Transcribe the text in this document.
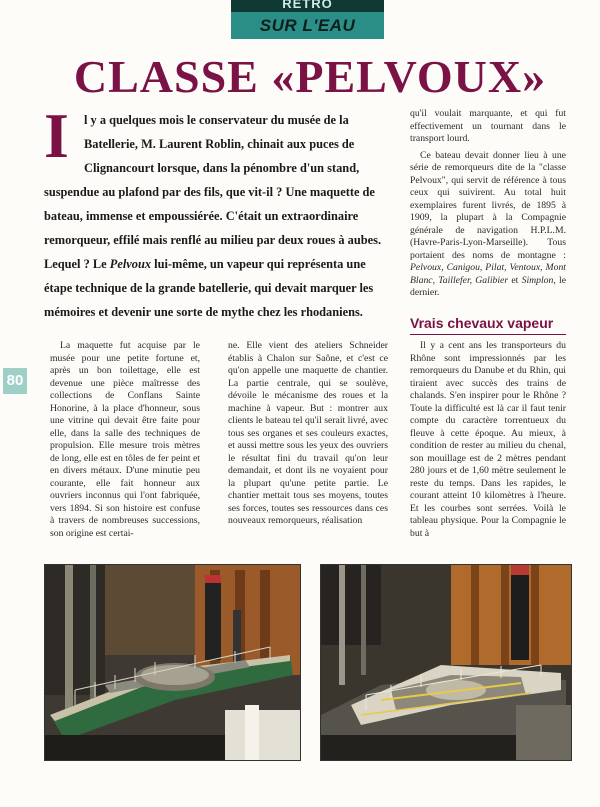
RETRO
SUR L'EAU
CLASSE «PELVOUX»
I	l y a quelques mois le conservateur du musée de la Batellerie, M. Laurent Roblin, chinait aux puces de Clignancourt lorsque, dans la pénombre d'un stand, suspendue au plafond par des fils, que vit-il ? Une maquette de bateau, immense et empoussiérée. C'était un extraordinaire remorqueur, effilé mais renflé au milieu par deux roues à aubes. Lequel ? Le Pelvoux lui-même, un vapeur qui représenta une étape technique de la grande batellerie, qui devait marquer les mémoires et devenir une sorte de mythe chez les rhodaniens.

qu'il voulait marquante, et qui fut effectivement un tournant dans le transport lourd.

Ce bateau devait donner lieu à une série de remorqueurs dite de la "classe Pelvoux", qui servit de référence à tous ceux qui suivirent. Au total huit exemplaires furent livrés, de 1895 à 1909, la plupart à la Compagnie générale de navigation H.P.L.M. (Havre-Paris-Lyon-Marseille). Tous portaient des noms de montagne : Pelvoux, Canigou, Pilat, Ventoux, Mont Blanc, Taillefer, Galibier et Simplon, le dernier.

Vrais chevaux vapeur
80

La maquette fut acquise par le musée pour une petite fortune et, après un bon toilettage, elle est devenue une pièce maîtresse des collections de Conflans Sainte Honorine, à la place d'honneur, sous une vitrine qui devait être faite pour elle, dans la salle des techniques de propulsion. Elle mesure trois mètres de long, elle est en tôles de fer peint et en divers métaux. D'une minutie peu courante, elle fait honneur aux ouvriers inconnus qui l'ont fabriquée, vers 1894. Si son histoire est confuse à travers de nombreuses successions, son origine est certai-

ne. Elle vient des ateliers Schneider établis à Chalon sur Saône, et c'est ce qu'on appelle une maquette de chantier. La partie centrale, qui se soulève, dévoile le mécanisme des roues et la machine à vapeur. But : montrer aux clients le bateau tel qu'il serait livré, avec tous ses organes et ses couleurs exactes, et aussi mettre sous les yeux des ouvriers le résultat fini du travail qu'on leur demandait, et dont ils ne voyaient pour la plupart qu'une petite partie. Le chantier mettait tous ses moyens, toutes ses forces, toutes ses ressources dans ces nouveaux remorqueurs, réalisation

Il y a cent ans les transporteurs du Rhône sont impressionnés par les remorqueurs du Danube et du Rhin, qui tiraient avec succès des trains de chalands. S'en inspirer pour le Rhône ? Toute la difficulté est là car il faut tenir compte du caractère torrentueux du fleuve à cette époque. Au mieux, à condition de rester au milieu du chenal, son mouillage est de 2 mètres pendant 280 jours et de 1,60 mètre seulement le reste du temps. Dans les rapides, le courant atteint 10 kilomètres à l'heure. Et les courbes sont serrées. Voilà le tableau physique. Pour la Compagnie le but à
